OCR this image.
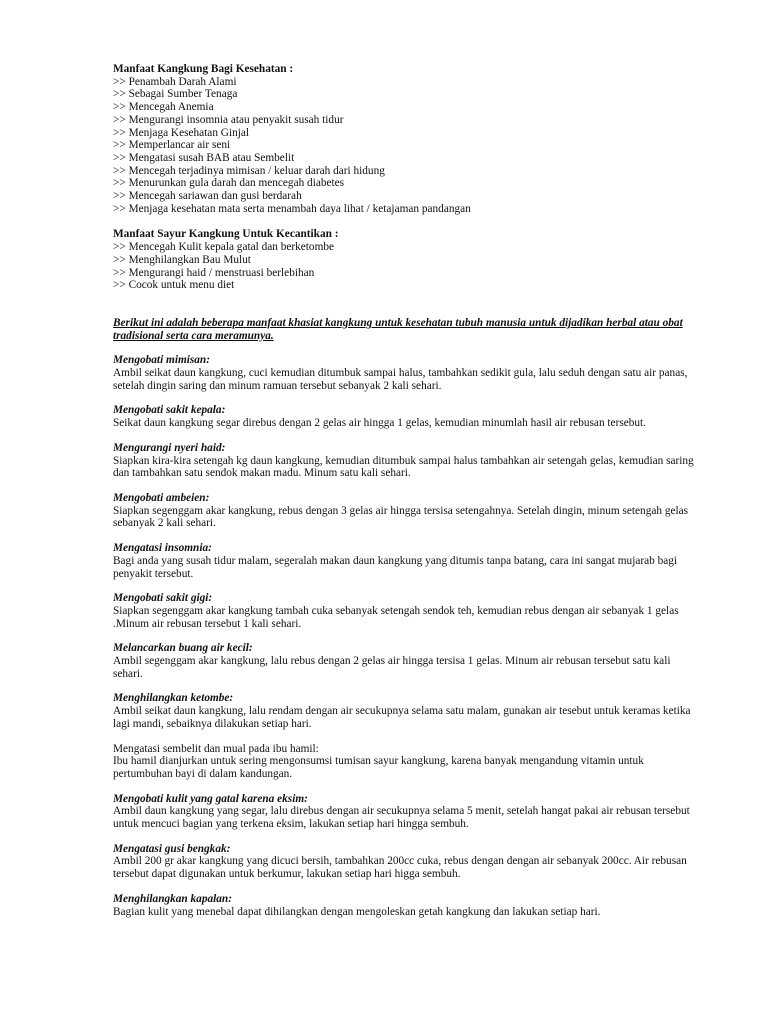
Manfaat Kangkung Bagi Kesehatan :

>> Penambah Darah Alami
>> Sebagai Sumber Tenaga
>> Mencegah Anemia
>> Mengurangi insomnia atau penyakit susah tidur
>> Menjaga Kesehatan Ginjal
>> Memperlancar air seni
>> Mengatasi susah BAB atau Sembelit
>> Mencegah terjadinya mimisan / keluar darah dari hidung
>> Menurunkan gula darah dan mencegah diabetes
>> Mencegah sariawan dan gusi berdarah
>> Menjaga kesehatan mata serta menambah daya lihat / ketajaman pandangan

Manfaat Sayur Kangkung Untuk Kecantikan :

>> Mencegah Kulit kepala gatal dan berketombe
>> Menghilangkan Bau Mulut
>> Mengurangi haid / menstruasi berlebihan
>> Cocok untuk menu diet

Berikut ini adalah beberapa manfaat khasiat kangkung untuk kesehatan tubuh manusia untuk dijadikan herbal atau obat tradisional serta cara meramunya.

Mengobati mimisan:

Ambil seikat daun kangkung, cuci kemudian ditumbuk sampai halus, tambahkan sedikit gula, lalu seduh dengan satu air panas, setelah dingin saring dan minum ramuan tersebut sebanyak 2 kali sehari.

Mengobati sakit kepala:

Seikat daun kangkung segar direbus dengan 2 gelas air hingga 1 gelas, kemudian minumlah hasil air rebusan tersebut.

Mengurangi nyeri haid:

Siapkan kira-kira setengah kg daun kangkung, kemudian ditumbuk sampai halus tambahkan air setengah gelas, kemudian saring dan tambahkan satu sendok makan madu. Minum satu kali sehari.

Mengobati ambeien:

Siapkan segenggam akar kangkung, rebus dengan 3 gelas air hingga tersisa setengahnya. Setelah dingin, minum setengah gelas sebanyak 2 kali sehari.

Mengatasi insomnia:

Bagi anda yang susah tidur malam, segeralah makan daun kangkung yang ditumis tanpa batang, cara ini sangat mujarab bagi penyakit tersebut.

Mengobati sakit gigi:

Siapkan segenggam akar kangkung tambah cuka sebanyak setengah sendok teh, kemudian rebus dengan air sebanyak 1 gelas .Minum air rebusan tersebut 1 kali sehari.

Melancarkan buang air kecil:

Ambil segenggam akar kangkung, lalu rebus dengan 2 gelas air hingga tersisa 1 gelas. Minum air rebusan tersebut satu kali sehari.

Menghilangkan ketombe:

Ambil seikat daun kangkung, lalu rendam dengan air secukupnya selama satu malam, gunakan air tesebut untuk keramas ketika lagi mandi, sebaiknya dilakukan setiap hari.

Mengatasi sembelit dan mual pada ibu hamil:

Ibu hamil dianjurkan untuk sering mengonsumsi tumisan sayur kangkung, karena banyak mengandung vitamin untuk pertumbuhan bayi di dalam kandungan.

Mengobati kulit yang gatal karena eksim:

Ambil daun kangkung yang segar, lalu direbus dengan air secukupnya selama 5 menit, setelah hangat pakai air rebusan tersebut untuk mencuci bagian yang terkena eksim, lakukan setiap hari hingga sembuh.

Mengatasi gusi bengkak:

Ambil 200 gr akar kangkung yang dicuci bersih, tambahkan 200cc cuka, rebus dengan dengan air sebanyak 200cc. Air rebusan tersebut dapat digunakan untuk berkumur, lakukan setiap hari higga sembuh.

Menghilangkan kapalan:

Bagian kulit yang menebal dapat dihilangkan dengan mengoleskan getah kangkung dan lakukan setiap hari.
